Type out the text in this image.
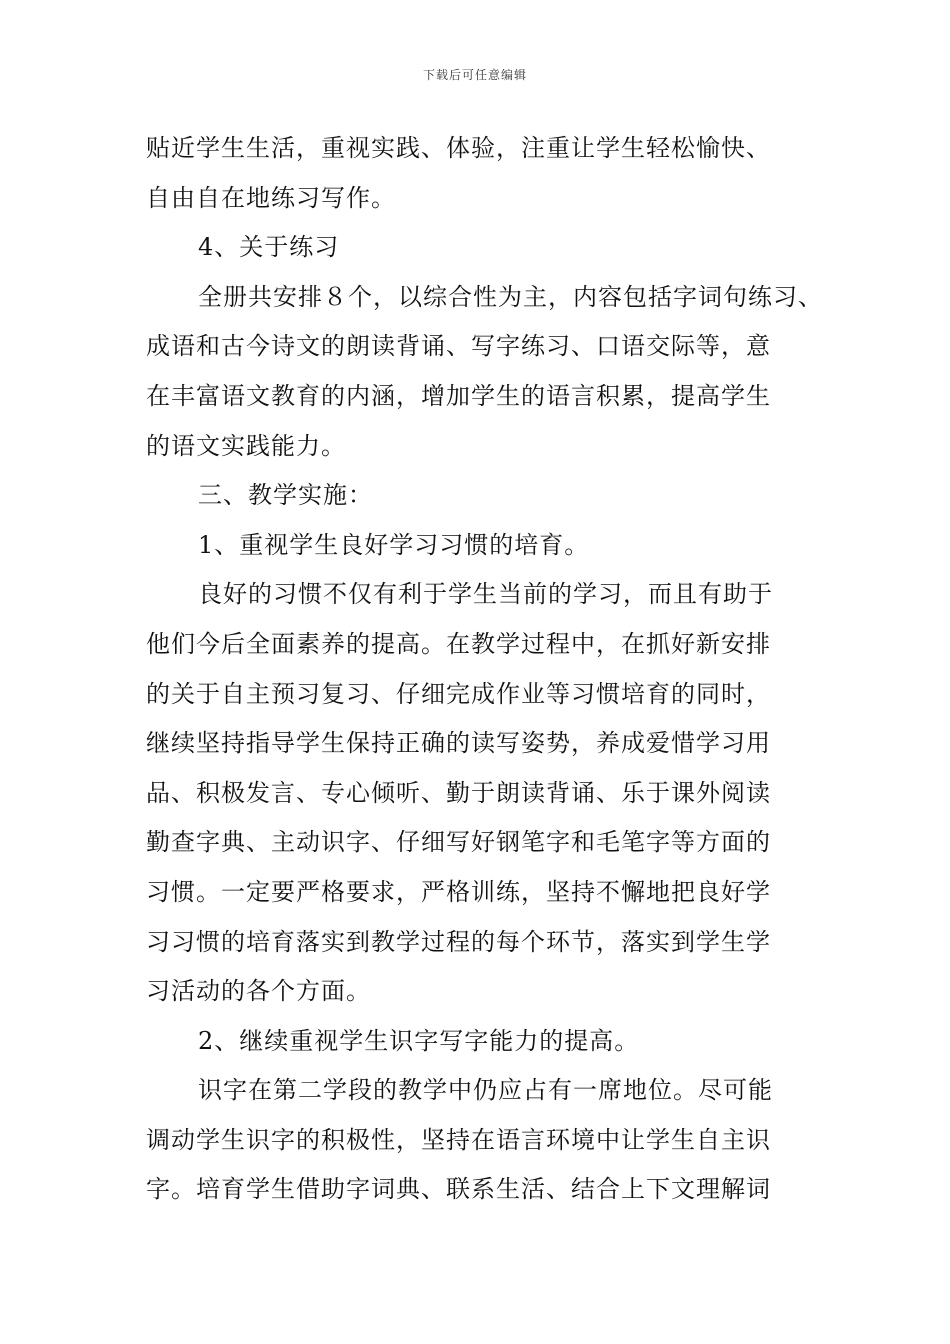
下载后可任意编辑
贴近学生生活，重视实践、体验，注重让学生轻松愉快、
自由自在地练习写作。
4、关于练习
全册共安排８个，以综合性为主，内容包括字词句练习、
成语和古今诗文的朗读背诵、写字练习、口语交际等，意
在丰富语文教育的内涵，增加学生的语言积累，提高学生
的语文实践能力。
三、教学实施：
1、重视学生良好学习习惯的培育。
良好的习惯不仅有利于学生当前的学习，而且有助于
他们今后全面素养的提高。在教学过程中，在抓好新安排
的关于自主预习复习、仔细完成作业等习惯培育的同时，
继续坚持指导学生保持正确的读写姿势，养成爱惜学习用
品、积极发言、专心倾听、勤于朗读背诵、乐于课外阅读
勤查字典、主动识字、仔细写好钢笔字和毛笔字等方面的
习惯。一定要严格要求，严格训练，坚持不懈地把良好学
习习惯的培育落实到教学过程的每个环节，落实到学生学
习活动的各个方面。
2、继续重视学生识字写字能力的提高。
识字在第二学段的教学中仍应占有一席地位。尽可能
调动学生识字的积极性，坚持在语言环境中让学生自主识
字。培育学生借助字词典、联系生活、结合上下文理解词
